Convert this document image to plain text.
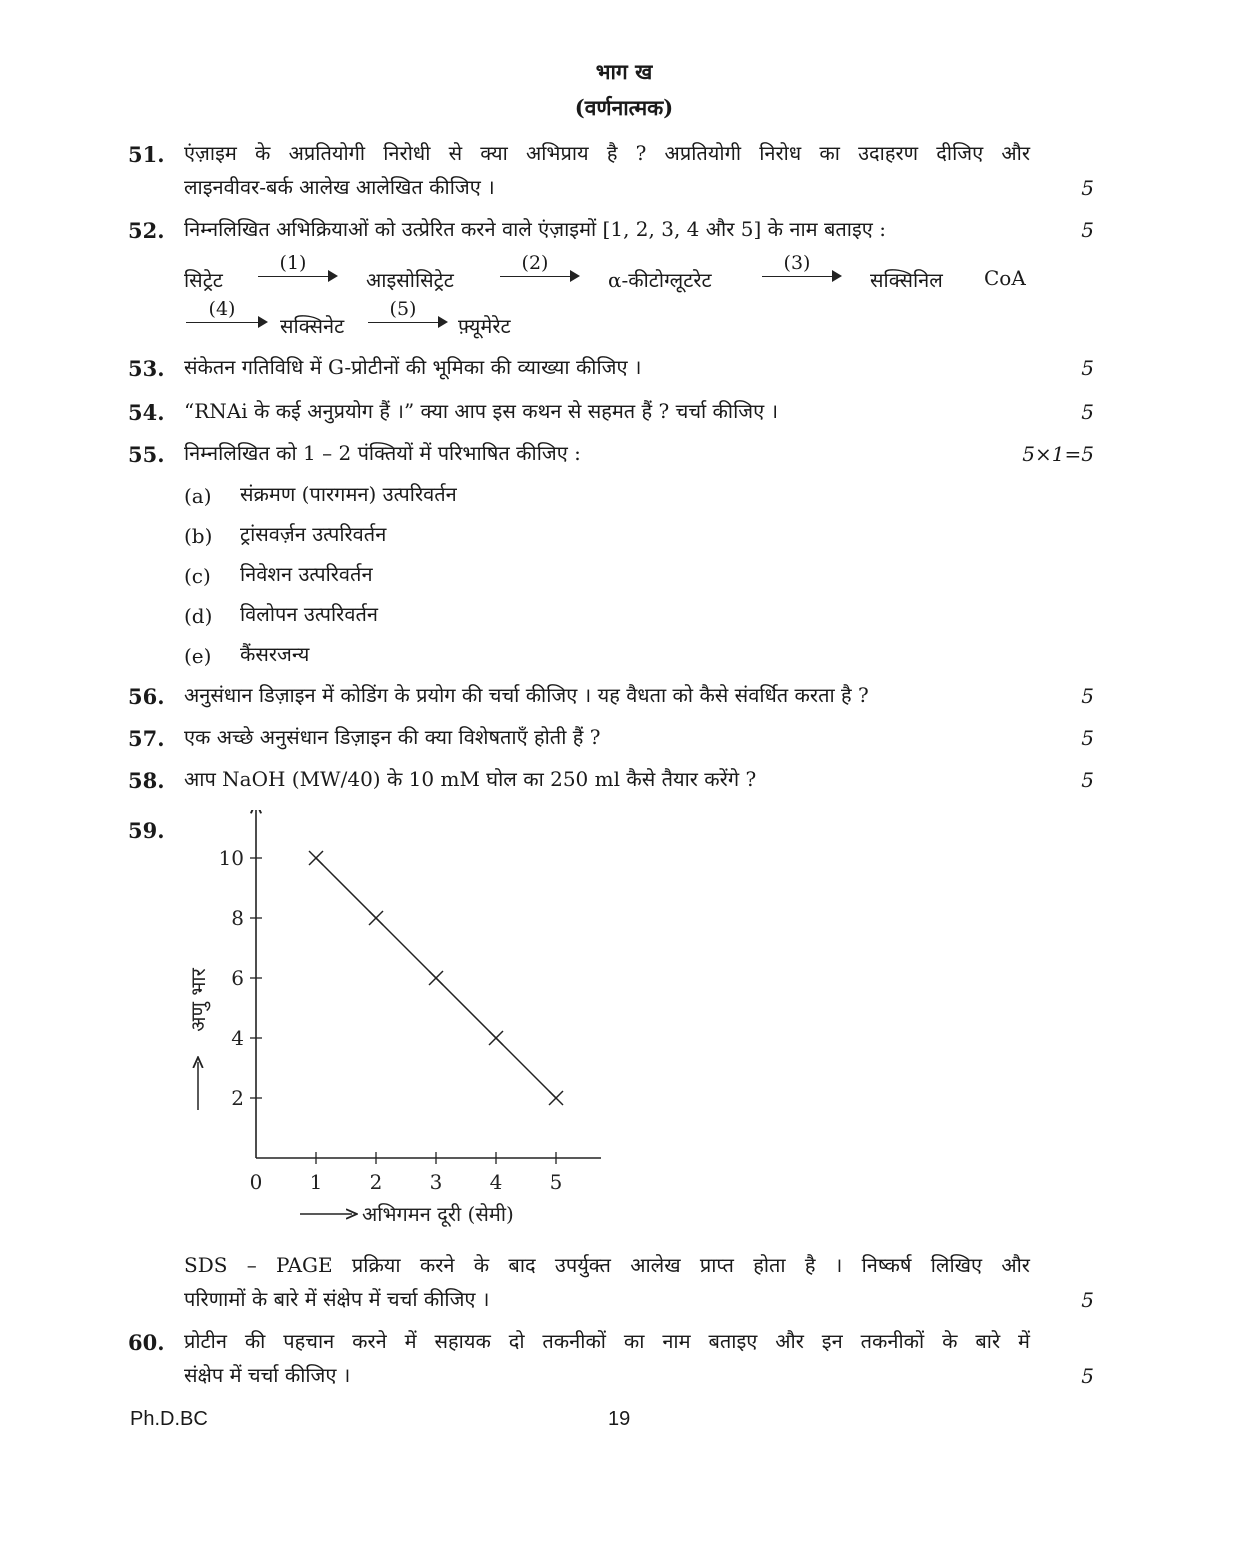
भाग ख
(वर्णनात्मक)
51. एंज़ाइम के अप्रतियोगी निरोधी से क्या अभिप्राय है ? अप्रतियोगी निरोध का उदाहरण दीजिए और
लाइनवीवर-बर्क आलेख आलेखित कीजिए ।	5
52. निम्नलिखित अभिक्रियाओं को उत्प्रेरित करने वाले एंज़ाइमों [1, 2, 3, 4 और 5] के नाम बताइए :	5
सिट्रेट
(1)
आइसोसिट्रेट
(2)
α-कीटोग्लूटरेट
(3)
सक्सिनिल CoA
(4)
सक्सिनेट
(5)
फ़्यूमेरेट
53. संकेतन गतिविधि में G-प्रोटीनों की भूमिका की व्याख्या कीजिए ।	5
54. “RNAi के कई अनुप्रयोग हैं ।” क्या आप इस कथन से सहमत हैं ? चर्चा कीजिए ।	5
55. निम्नलिखित को 1 – 2 पंक्तियों में परिभाषित कीजिए :	5×1=5
(a) संक्रमण (पारगमन) उत्परिवर्तन
(b) ट्रांसवर्ज़न उत्परिवर्तन
(c) निवेशन उत्परिवर्तन
(d) विलोपन उत्परिवर्तन
(e) कैंसरजन्य
56. अनुसंधान डिज़ाइन में कोडिंग के प्रयोग की चर्चा कीजिए । यह वैधता को कैसे संवर्धित करता है ?	5
57. एक अच्छे अनुसंधान डिज़ाइन की क्या विशेषताएँ होती हैं ?	5
58. आप NaOH (MW/40) के 10 mM घोल का 250 ml कैसे तैयार करेंगे ?	5
59.
0 1 2 3 4 5
2
4
6
8
10
अभिगमन दूरी (सेमी)
अणु भार
SDS – PAGE प्रक्रिया करने के बाद उपर्युक्त आलेख प्राप्त होता है । निष्कर्ष लिखिए और
परिणामों के बारे में संक्षेप में चर्चा कीजिए ।	5
60. प्रोटीन की पहचान करने में सहायक दो तकनीकों का नाम बताइए और इन तकनीकों के बारे में
संक्षेप में चर्चा कीजिए ।	5
Ph.D.BC	19
